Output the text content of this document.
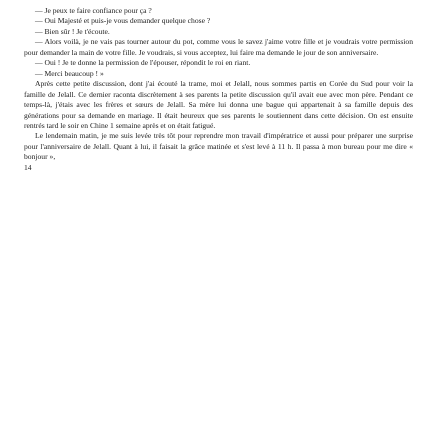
— Je peux te faire confiance pour ça ?

— Oui Majesté et puis-je vous demander quelque chose ?

— Bien sûr ! Je t'écoute.

— Alors voilà, je ne vais pas tourner autour du pot, comme vous le savez j'aime votre fille et je voudrais votre permission pour demander la main de votre fille. Je voudrais, si vous acceptez, lui faire ma demande le jour de son anniversaire.

— Oui ! Je te donne la permission de l'épouser, répondit le roi en riant.

— Merci beaucoup ! »

Après cette petite discussion, dont j'ai écouté la trame, moi et Jelall, nous sommes partis en Corée du Sud pour voir la famille de Jelall. Ce dernier raconta discrètement à ses parents la petite discussion qu'il avait eue avec mon père. Pendant ce temps-là, j'étais avec les frères et sœurs de Jelall. Sa mère lui donna une bague qui appartenait à sa famille depuis des générations pour sa demande en mariage. Il était heureux que ses parents le soutiennent dans cette décision. On est ensuite rentrés tard le soir en Chine 1 semaine après et on était fatigué.

Le lendemain matin, je me suis levée très tôt pour reprendre mon travail d'impératrice et aussi pour préparer une surprise pour l'anniversaire de Jelall. Quant à lui, il faisait la grâce matinée et s'est levé à 11 h. Il passa à mon bureau pour me dire « bonjour »,

14
